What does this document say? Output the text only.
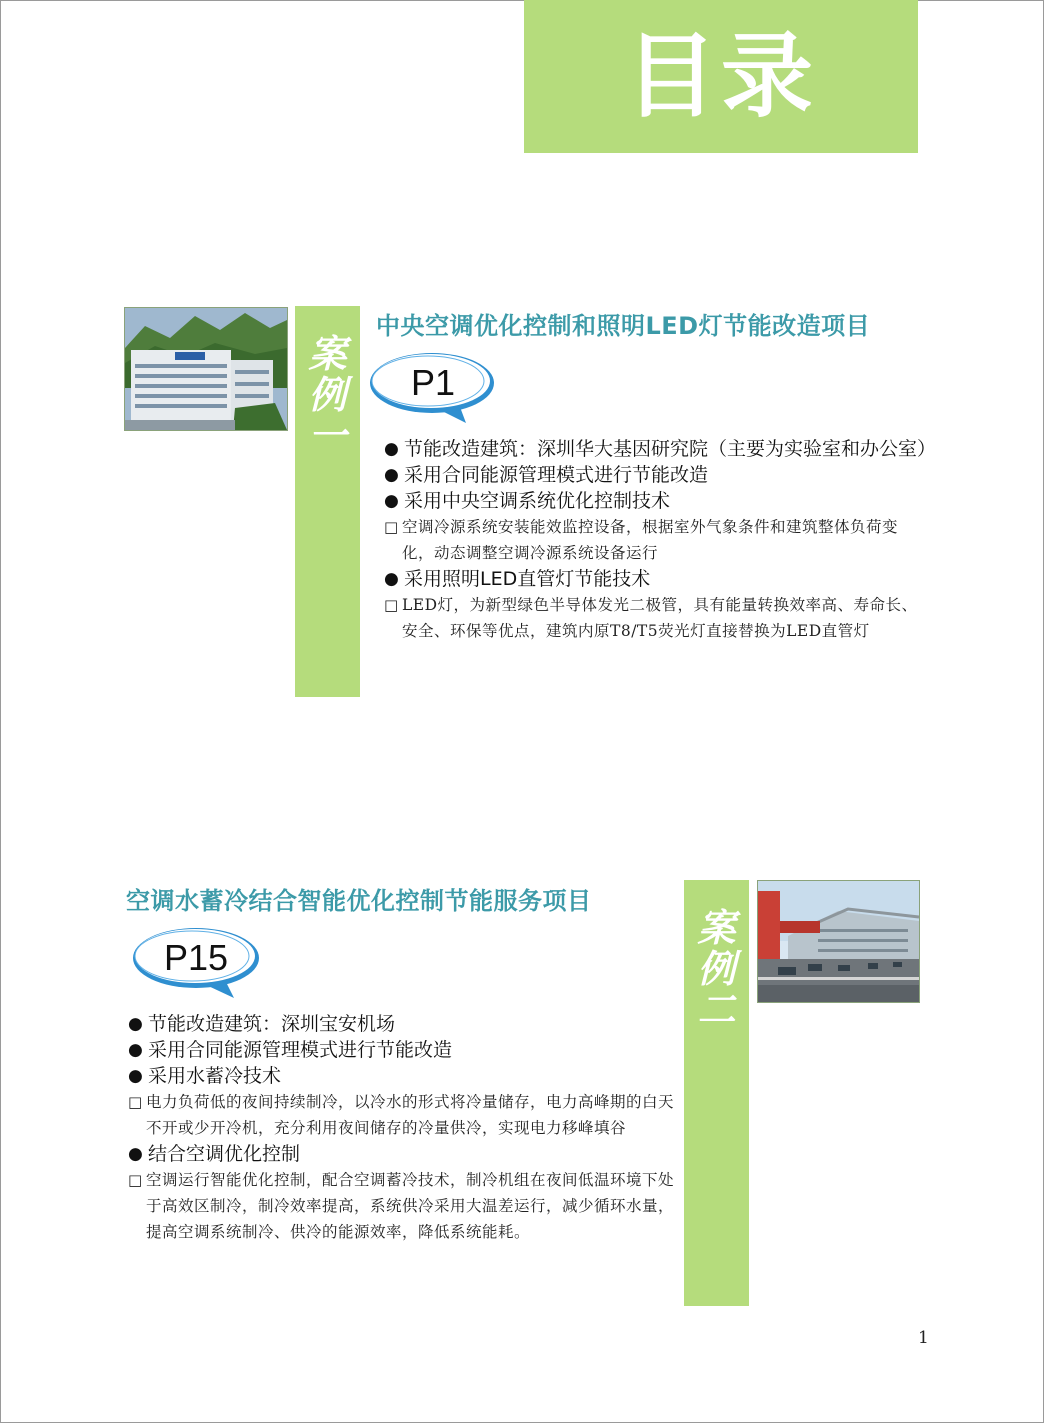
目录
案
例
一
中央空调优化控制和照明LED灯节能改造项目
P1

● 节能改造建筑：深圳华大基因研究院（主要为实验室和办公室）

● 采用合同能源管理模式进行节能改造

● 采用中央空调系统优化控制技术

□ 空调冷源系统安装能效监控设备，根据室外气象条件和建筑整体负荷变化，动态调整空调冷源系统设备运行

● 采用照明LED直管灯节能技术

□ LED灯，为新型绿色半导体发光二极管，具有能量转换效率高、寿命长、安全、环保等优点，建筑内原T8/T5荧光灯直接替换为LED直管灯

空调水蓄冷结合智能优化控制节能服务项目
P15

● 节能改造建筑：深圳宝安机场

● 采用合同能源管理模式进行节能改造

● 采用水蓄冷技术

□ 电力负荷低的夜间持续制冷，以冷水的形式将冷量储存，电力高峰期的白天不开或少开冷机，充分利用夜间储存的冷量供冷，实现电力移峰填谷

● 结合空调优化控制

□ 空调运行智能优化控制，配合空调蓄冷技术，制冷机组在夜间低温环境下处于高效区制冷，制冷效率提高，系统供冷采用大温差运行，减少循环水量，提高空调系统制冷、供冷的能源效率，降低系统能耗。

案
例
二
1
